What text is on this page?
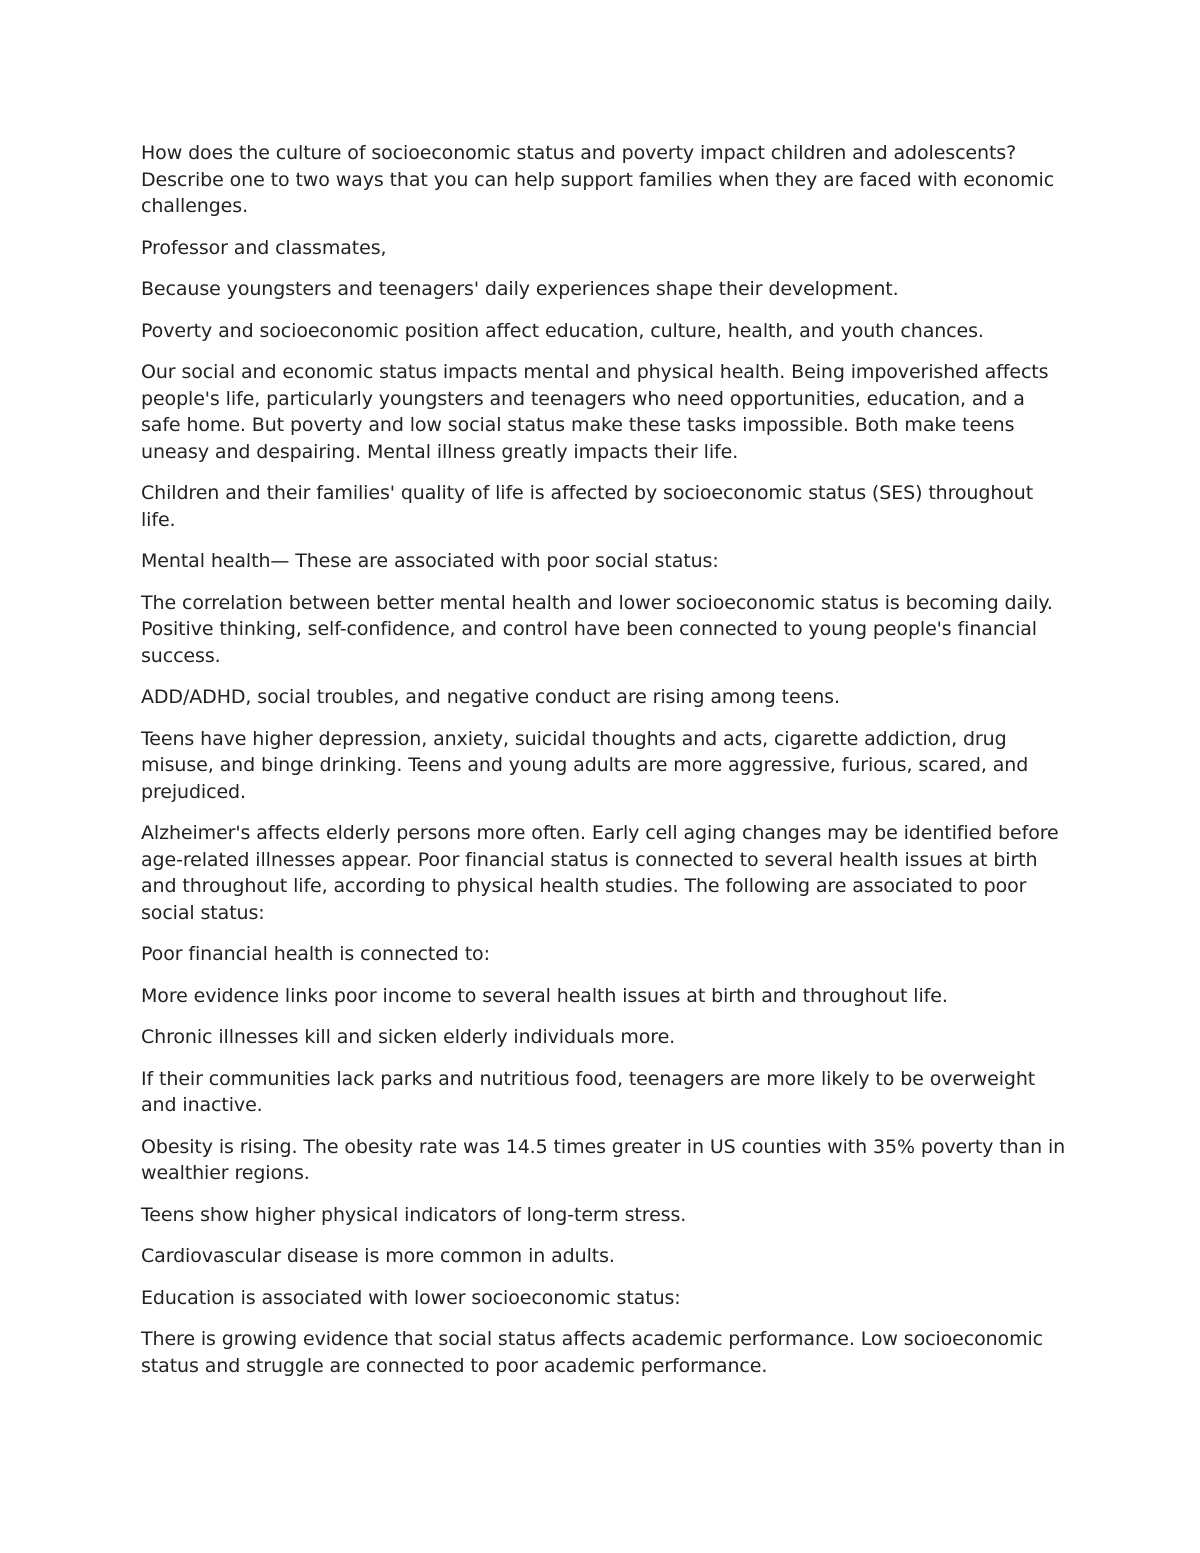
How does the culture of socioeconomic status and poverty impact children and adolescents? Describe one to two ways that you can help support families when they are faced with economic challenges.

Professor and classmates,

Because youngsters and teenagers' daily experiences shape their development.

Poverty and socioeconomic position affect education, culture, health, and youth chances.

Our social and economic status impacts mental and physical health. Being impoverished affects people's life, particularly youngsters and teenagers who need opportunities, education, and a safe home. But poverty and low social status make these tasks impossible. Both make teens uneasy and despairing. Mental illness greatly impacts their life.

Children and their families' quality of life is affected by socioeconomic status (SES) throughout life.

Mental health— These are associated with poor social status:

The correlation between better mental health and lower socioeconomic status is becoming daily. Positive thinking, self-confidence, and control have been connected to young people's financial success.

ADD/ADHD, social troubles, and negative conduct are rising among teens.

Teens have higher depression, anxiety, suicidal thoughts and acts, cigarette addiction, drug misuse, and binge drinking. Teens and young adults are more aggressive, furious, scared, and prejudiced.

Alzheimer's affects elderly persons more often. Early cell aging changes may be identified before age-related illnesses appear. Poor financial status is connected to several health issues at birth and throughout life, according to physical health studies. The following are associated to poor social status:

Poor financial health is connected to:

More evidence links poor income to several health issues at birth and throughout life.

Chronic illnesses kill and sicken elderly individuals more.

If their communities lack parks and nutritious food, teenagers are more likely to be overweight and inactive.

Obesity is rising. The obesity rate was 14.5 times greater in US counties with 35% poverty than in wealthier regions.

Teens show higher physical indicators of long-term stress.

Cardiovascular disease is more common in adults.

Education is associated with lower socioeconomic status:

There is growing evidence that social status affects academic performance. Low socioeconomic status and struggle are connected to poor academic performance.
